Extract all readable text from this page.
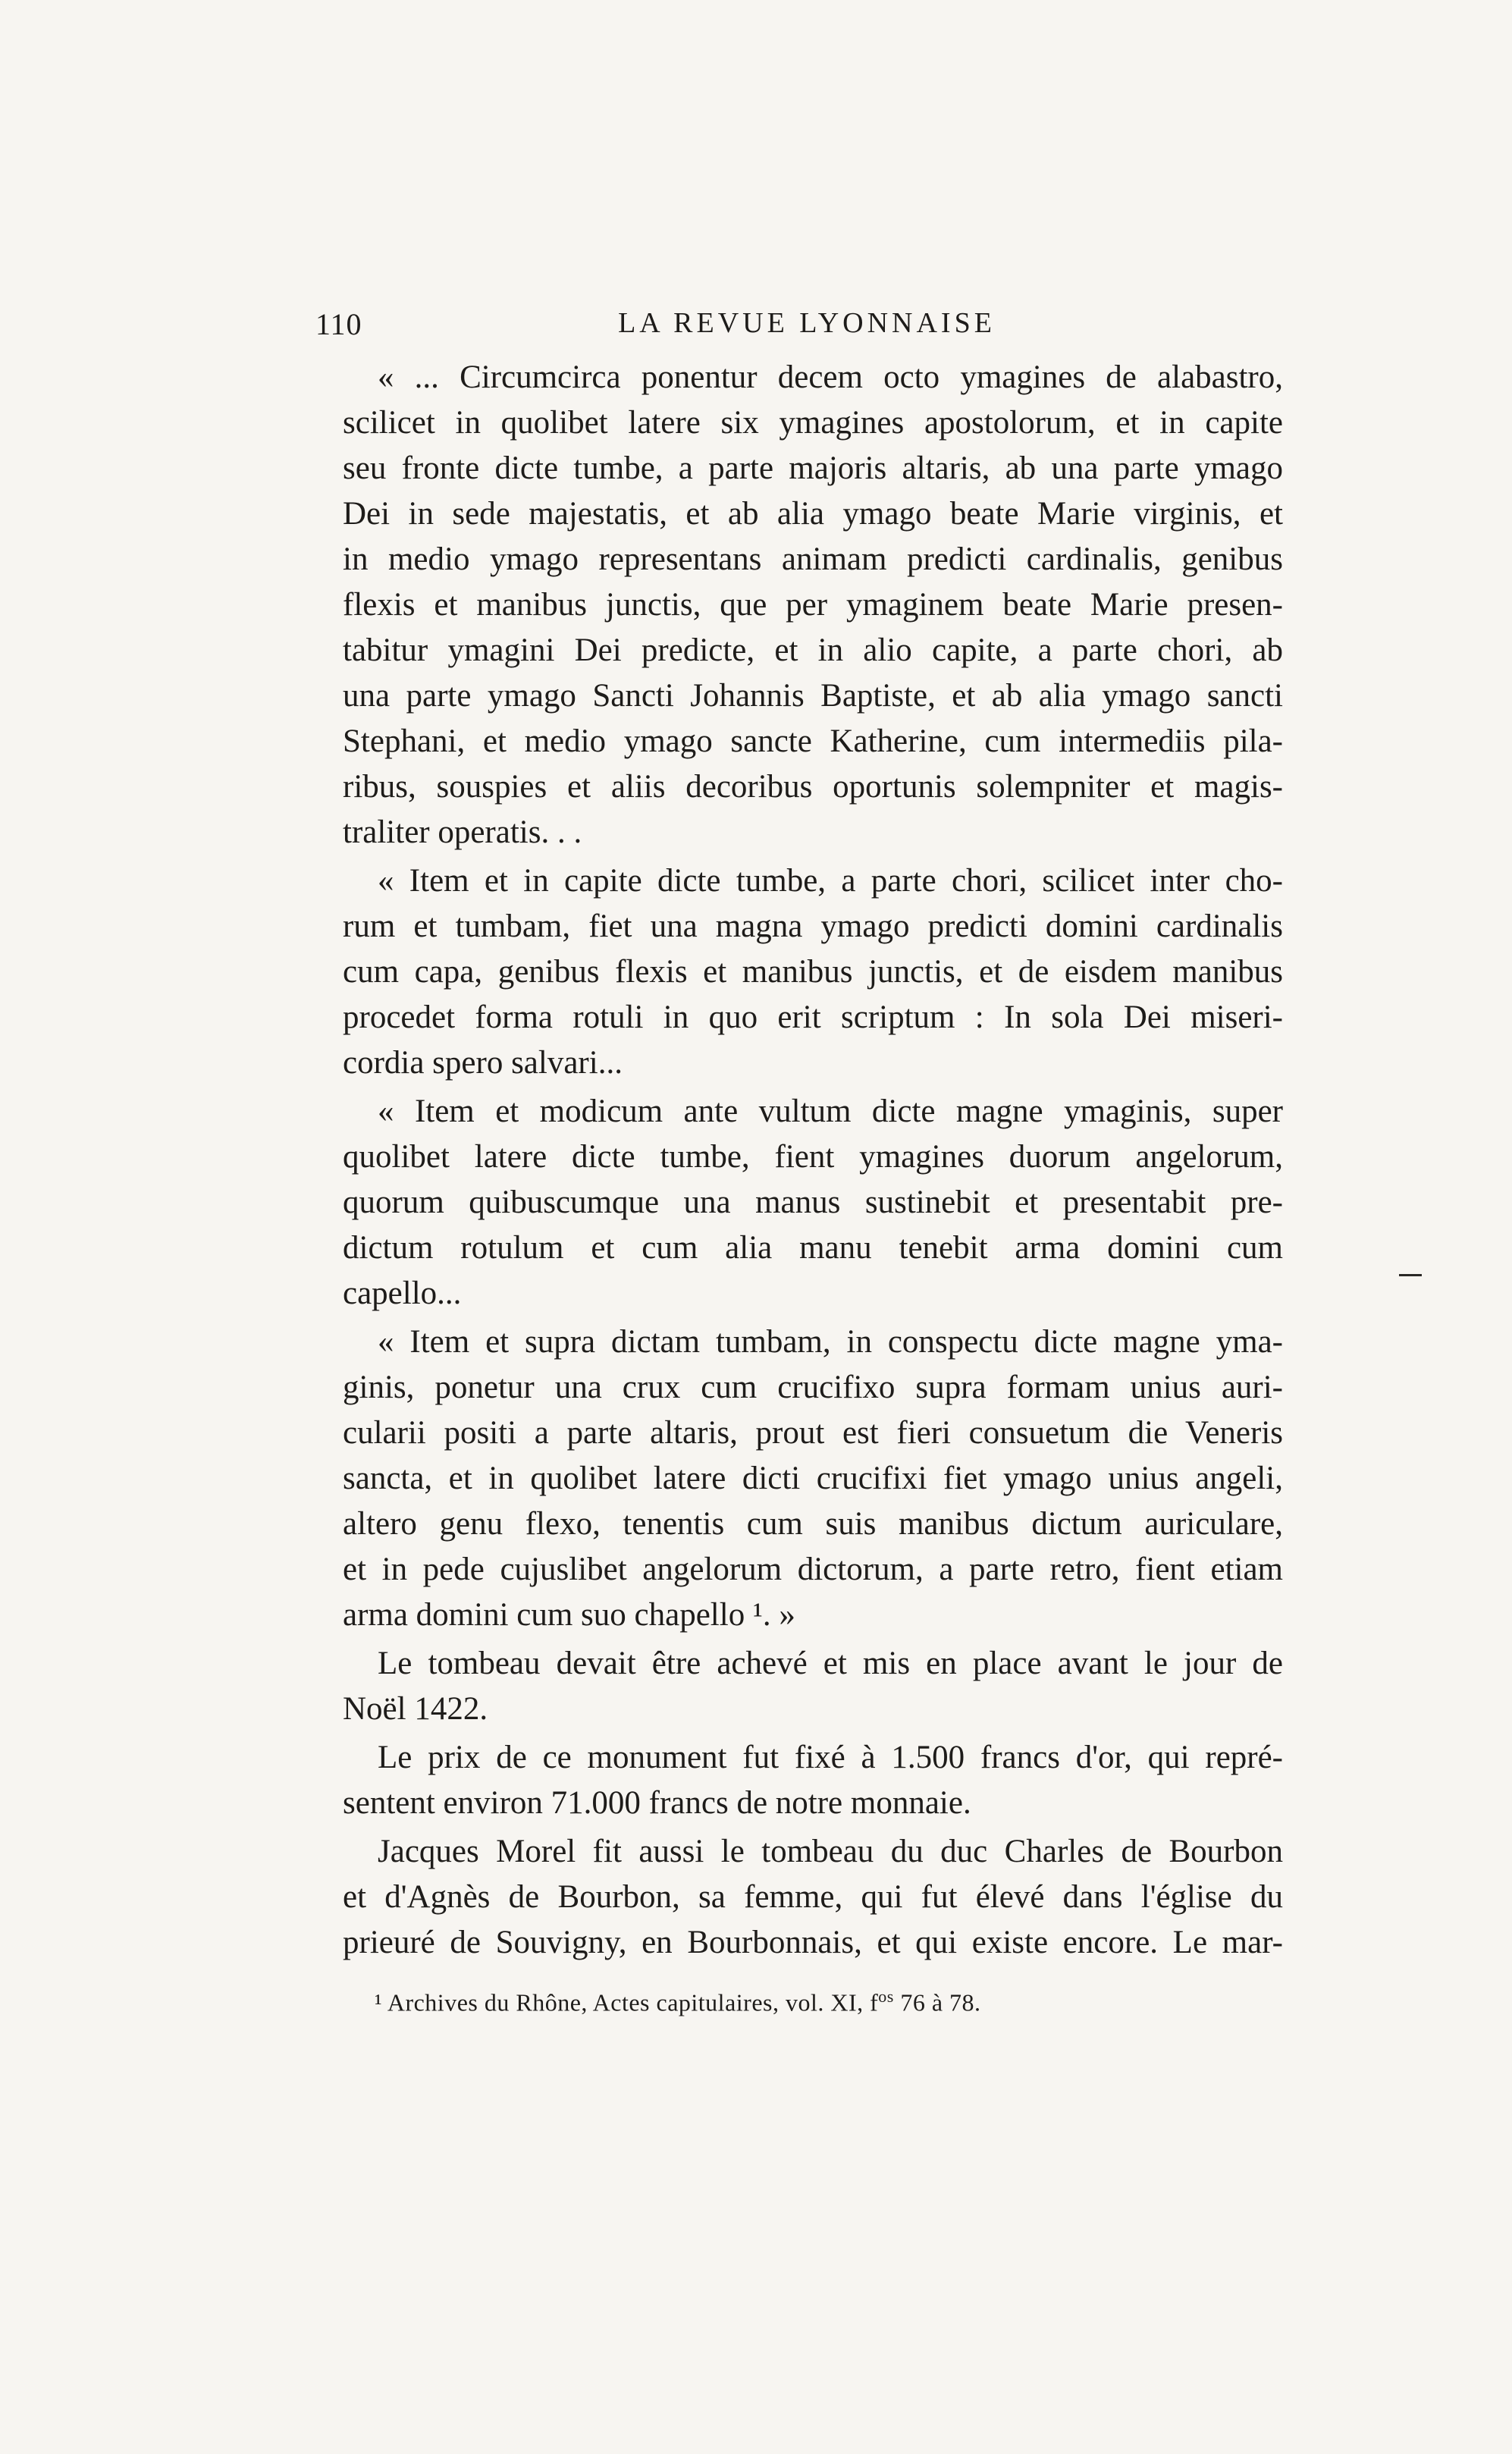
110	LA REVUE LYONNAISE
« ... Circumcirca ponentur decem octo ymagines de alabastro,
scilicet in quolibet latere six ymagines apostolorum, et in capite
seu fronte dicte tumbe, a parte majoris altaris, ab una parte ymago
Dei in sede majestatis, et ab alia ymago beate Marie virginis, et
in medio ymago representans animam predicti cardinalis, genibus
flexis et manibus junctis, que per ymaginem beate Marie presen-
tabitur ymagini Dei predicte, et in alio capite, a parte chori, ab
una parte ymago Sancti Johannis Baptiste, et ab alia ymago sancti
Stephani, et medio ymago sancte Katherine, cum intermediis pila-
ribus, souspies et aliis decoribus oportunis solempniter et magis-
traliter operatis. . .
« Item et in capite dicte tumbe, a parte chori, scilicet inter cho-
rum et tumbam, fiet una magna ymago predicti domini cardinalis
cum capa, genibus flexis et manibus junctis, et de eisdem manibus
procedet forma rotuli in quo erit scriptum : In sola Dei miseri-
cordia spero salvari...
« Item et modicum ante vultum dicte magne ymaginis, super
quolibet latere dicte tumbe, fient ymagines duorum angelorum,
quorum quibuscumque una manus sustinebit et presentabit pre-
dictum rotulum et cum alia manu tenebit arma domini cum
capello...
« Item et supra dictam tumbam, in conspectu dicte magne yma-
ginis, ponetur una crux cum crucifixo supra formam unius auri-
cularii positi a parte altaris, prout est fieri consuetum die Veneris
sancta, et in quolibet latere dicti crucifixi fiet ymago unius angeli,
altero genu flexo, tenentis cum suis manibus dictum auriculare,
et in pede cujuslibet angelorum dictorum, a parte retro, fient etiam
arma domini cum suo chapello ¹. »
Le tombeau devait être achevé et mis en place avant le jour de
Noël 1422.
Le prix de ce monument fut fixé à 1.500 francs d'or, qui repré-
sentent environ 71.000 francs de notre monnaie.
Jacques Morel fit aussi le tombeau du duc Charles de Bourbon
et d'Agnès de Bourbon, sa femme, qui fut élevé dans l'église du
prieuré de Souvigny, en Bourbonnais, et qui existe encore. Le mar-
¹ Archives du Rhône, Actes capitulaires, vol. XI, $f^{os}$ 76 à 78.
